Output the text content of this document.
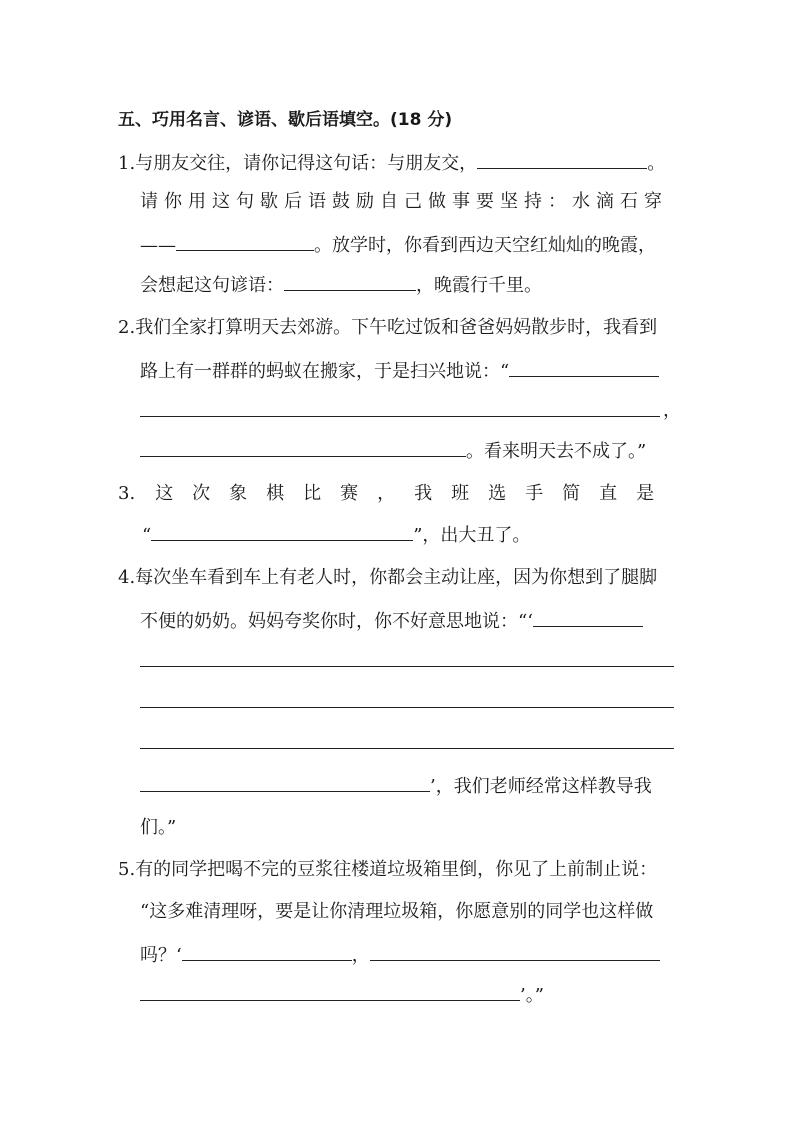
五、巧用名言、谚语、歇后语填空。(18 分)
1.与朋友交往，请你记得这句话：与朋友交，	。
请你用这句歇后语鼓励自己做事要坚持：水滴石穿
——	。放学时，你看到西边天空红灿灿的晚霞，
会想起这句谚语：	，晚霞行千里。
2.我们全家打算明天去郊游。下午吃过饭和爸爸妈妈散步时，我看到
路上有一群群的蚂蚁在搬家，于是扫兴地说：“
，
。看来明天去不成了。”
3. 这次象棋比赛，我班选手简直是
“	”，出大丑了。
4.每次坐车看到车上有老人时，你都会主动让座，因为你想到了腿脚
不便的奶奶。妈妈夸奖你时，你不好意思地说：“‘
’，我们老师经常这样教导我
们。”
5.有的同学把喝不完的豆浆往楼道垃圾箱里倒，你见了上前制止说：
“这多难清理呀，要是让你清理垃圾箱，你愿意别的同学也这样做
吗？‘	，
’。”
